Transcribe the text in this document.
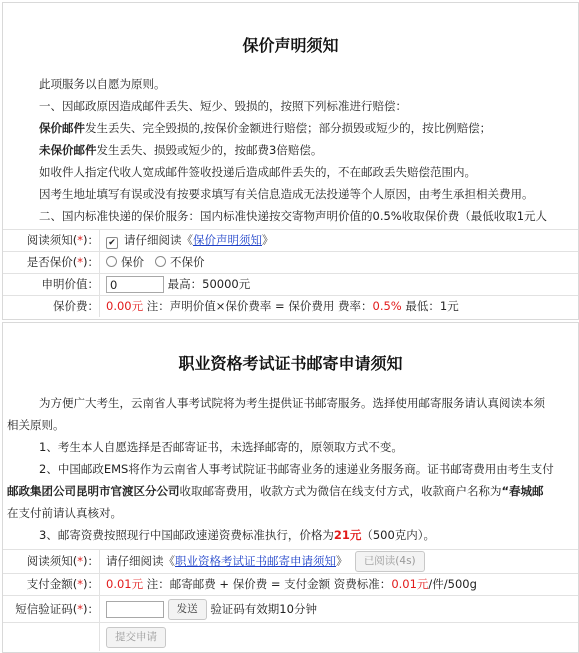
保价声明须知
此项服务以自愿为原则。
一、因邮政原因造成邮件丢失、短少、毁损的，按照下列标准进行赔偿：
保价邮件发生丢失、完全毁损的,按保价金额进行赔偿；部分损毁或短少的，按比例赔偿；
未保价邮件发生丢失、损毁或短少的，按邮费3倍赔偿。
如收件人指定代收人宽成邮件签收投递后造成邮件丢失的，不在邮政丢失赔偿范围内。
因考生地址填写有误或没有按要求填写有关信息造成无法投递等个人原因，由考生承担相关费用。
二、国内标准快递的保价服务：国内标准快递按交寄物声明价值的0.5%收取保价费（最低收取1元人
阅读须知(*)： ✔ 请仔细阅读《保价声明须知》
是否保价(*)：	保价 不保价
申明价值： 0	最高：50000元
保价费： 0.00元 注：声明价值×保价费率 = 保价费用 费率：0.5% 最低：1元
职业资格考试证书邮寄申请须知
为方便广大考生，云南省人事考试院将为考生提供证书邮寄服务。选择使用邮寄服务请认真阅读本须
相关原则。
1、考生本人自愿选择是否邮寄证书，未选择邮寄的，原领取方式不变。
2、中国邮政EMS将作为云南省人事考试院证书邮寄业务的速递业务服务商。证书邮寄费用由考生支付
邮政集团公司昆明市官渡区分公司收取邮寄费用，收款方式为微信在线支付方式，收款商户名称为“春城邮
在支付前请认真核对。
3、邮寄资费按照现行中国邮政速递资费标准执行，价格为21元（500克内）。
阅读须知(*)： 请仔细阅读《职业资格考试证书邮寄申请须知》 已阅读(4s)
支付金额(*)： 0.01元 注：邮寄邮费 + 保价费 = 支付金额 资费标准：0.01元/件/500g
短信验证码(*)：	发送 验证码有效期10分钟
提交申请
